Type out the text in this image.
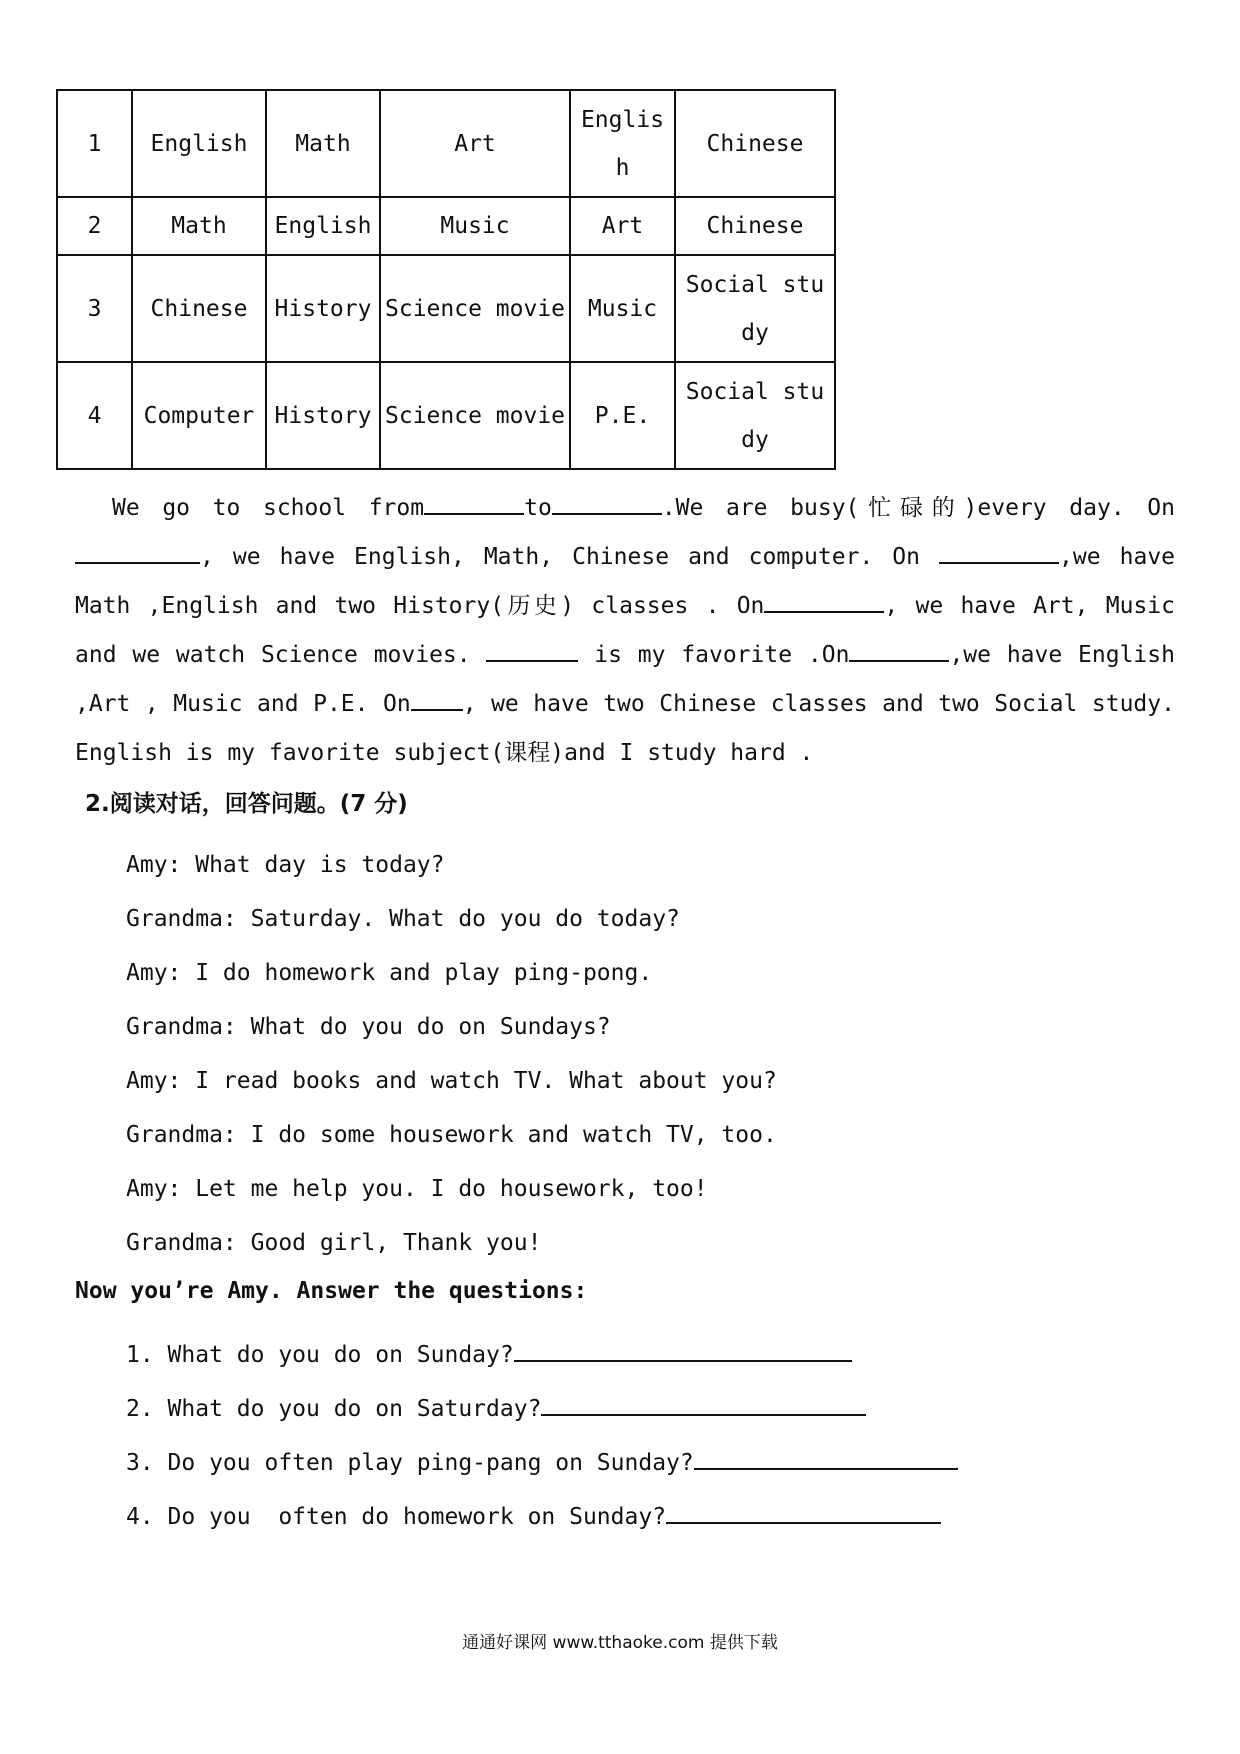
1	English	Math	Art	English	Chinese
2	Math	English	Music	Art	Chinese
3	Chinese	History	Science movie	Music	Social study
4	Computer	History	Science movie	P.E.	Social study
We go to school from	to	.We are busy(忙碌的)every day. On, we have English, Math, Chinese and computer. On	,we have Math ,English and two History(历史) classes . On	, we have Art, Music and we watch Science movies.	is my favorite .On	,we have English ,Art , Music and P.E. On , we have two Chinese classes and two Social study. English is my favorite subject(课程)and I study hard .
2.阅读对话，回答问题。(7 分)
Amy: What day is today?
Grandma: Saturday. What do you do today?
Amy: I do homework and play ping-pong.
Grandma: What do you do on Sundays?
Amy: I read books and watch TV. What about you?
Grandma: I do some housework and watch TV, too.
Amy: Let me help you. I do housework, too!
Grandma: Good girl, Thank you!
Now you’re Amy. Answer the questions:
1. What do you do on Sunday?
2. What do you do on Saturday?
3. Do you often play ping-pang on Sunday?
4. Do you  often do homework on Sunday?
通通好课网 www.tthaoke.com 提供下载
